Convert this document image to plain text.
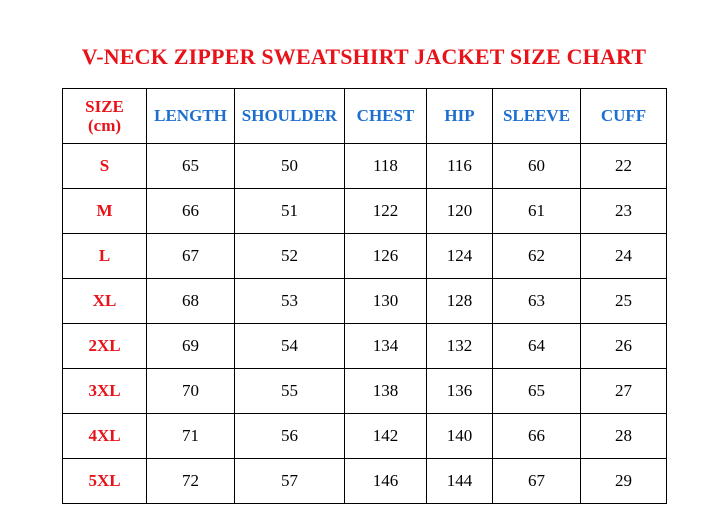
V-NECK ZIPPER SWEATSHIRT JACKET SIZE CHART
SIZE
(cm)	LENGTH	SHOULDER	CHEST	HIP	SLEEVE	CUFF
S	65	50	118	116	60	22
M	66	51	122	120	61	23
L	67	52	126	124	62	24
XL	68	53	130	128	63	25
2XL	69	54	134	132	64	26
3XL	70	55	138	136	65	27
4XL	71	56	142	140	66	28
5XL	72	57	146	144	67	29
